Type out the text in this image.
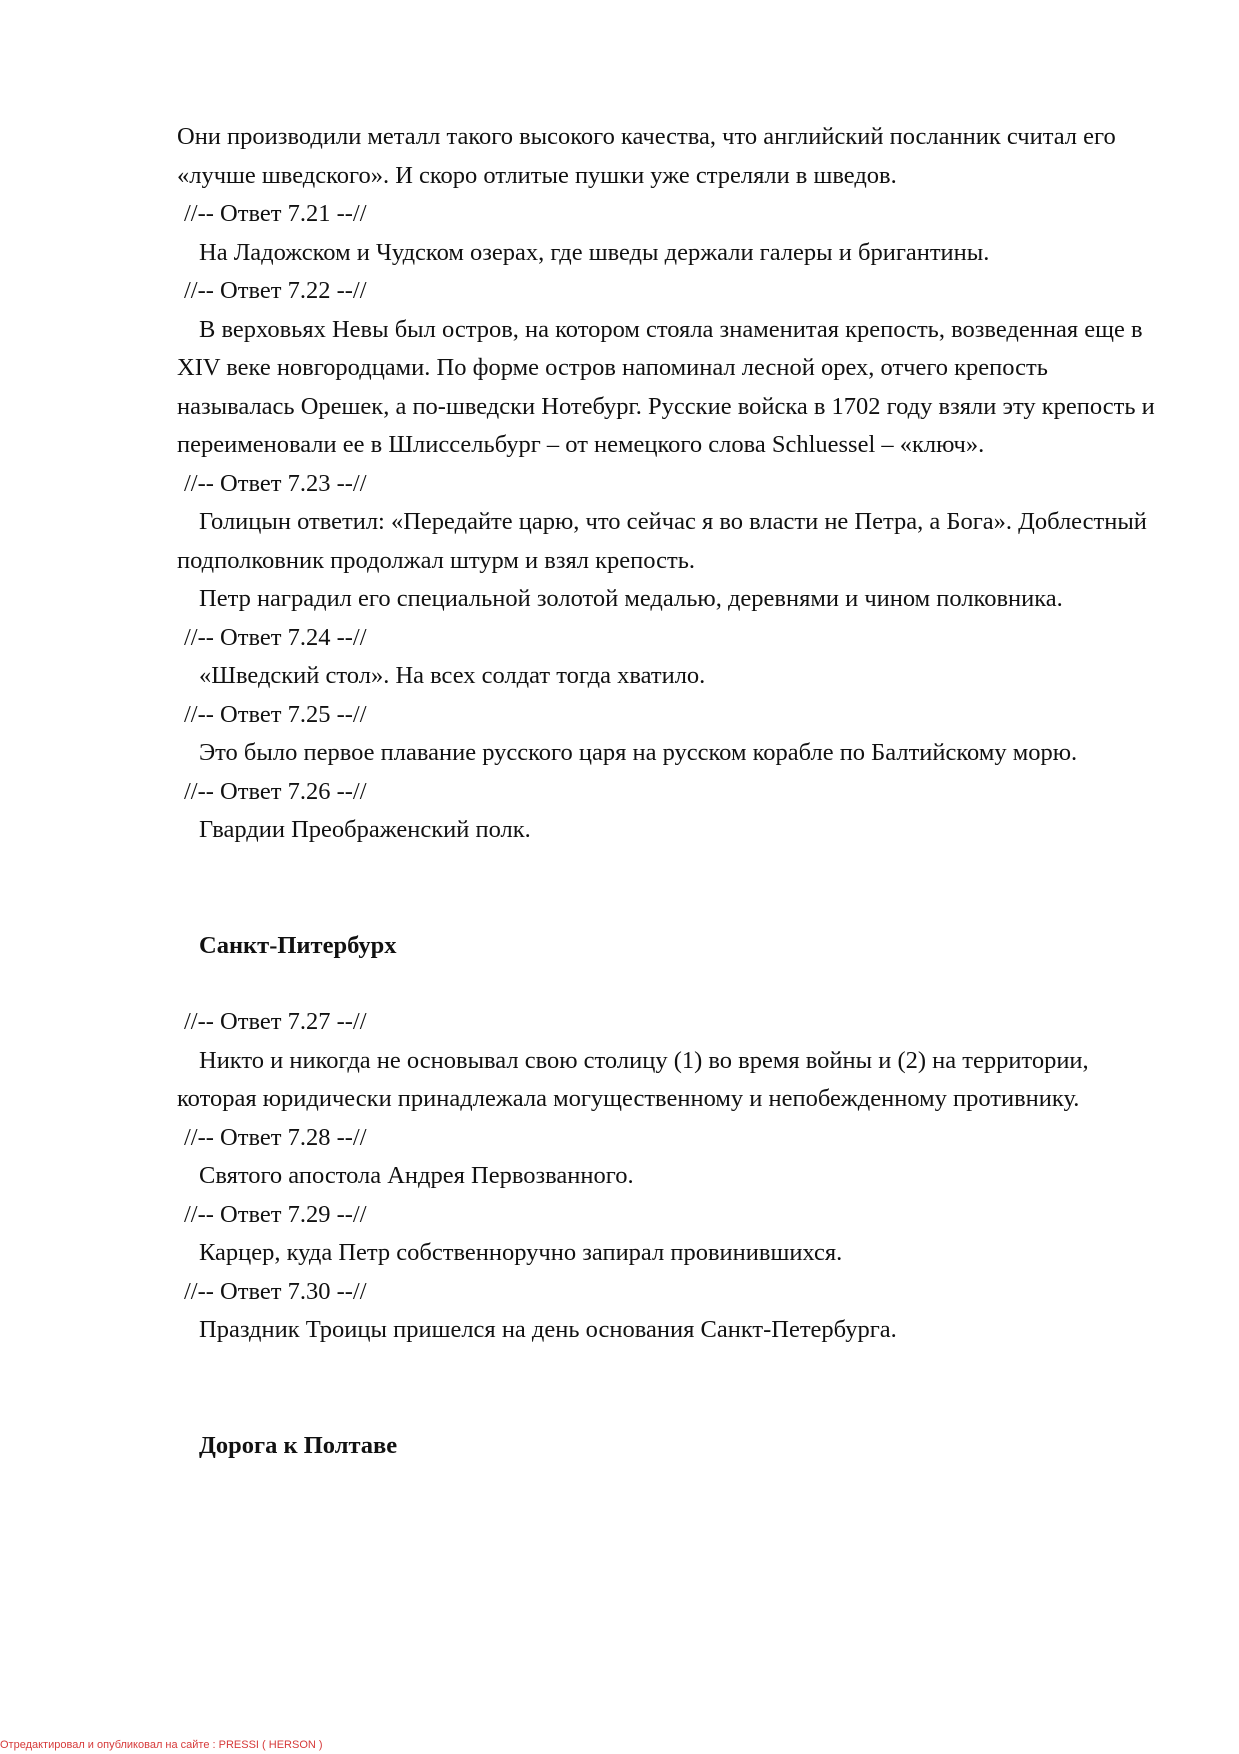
Они производили металл такого высокого качества, что английский посланник считал его «лучше шведского». И скоро отлитые пушки уже стреляли в шведов.

//-- Ответ 7.21 --//

На Ладожском и Чудском озерах, где шведы держали галеры и бригантины.

//-- Ответ 7.22 --//

В верховьях Невы был остров, на котором стояла знаменитая крепость, возведенная еще в XIV веке новгородцами. По форме остров напоминал лесной орех, отчего крепость называлась Орешек, а по-шведски Нотебург. Русские войска в 1702 году взяли эту крепость и переименовали ее в Шлиссельбург – от немецкого слова Schluessel – «ключ».

//-- Ответ 7.23 --//

Голицын ответил: «Передайте царю, что сейчас я во власти не Петра, а Бога». Доблестный подполковник продолжал штурм и взял крепость.

Петр наградил его специальной золотой медалью, деревнями и чином полковника.

//-- Ответ 7.24 --//

«Шведский стол». На всех солдат тогда хватило.

//-- Ответ 7.25 --//

Это было первое плавание русского царя на русском корабле по Балтийскому морю.

//-- Ответ 7.26 --//

Гвардии Преображенский полк.

Санкт-Питербурх
//-- Ответ 7.27 --//

Никто и никогда не основывал свою столицу (1) во время войны и (2) на территории, которая юридически принадлежала могущественному и непобежденному противнику.

//-- Ответ 7.28 --//

Святого апостола Андрея Первозванного.

//-- Ответ 7.29 --//

Карцер, куда Петр собственноручно запирал провинившихся.

//-- Ответ 7.30 --//

Праздник Троицы пришелся на день основания Санкт-Петербурга.

Дорога к Полтаве
Отредактировал и опубликовал на сайте : PRESSI ( HERSON )
